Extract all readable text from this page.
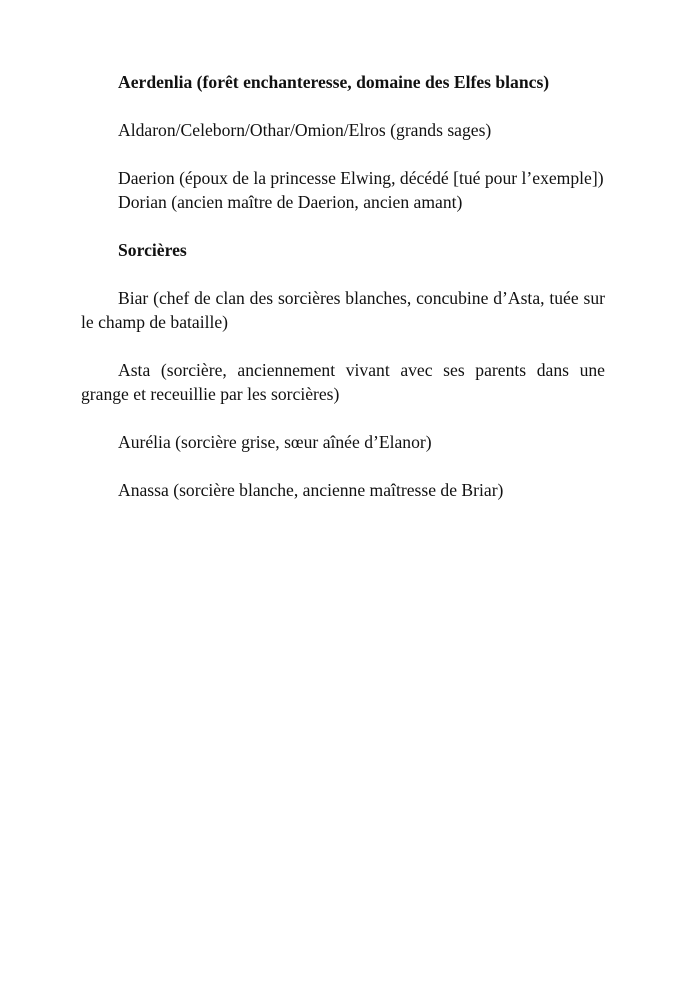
Aerdenlia (forêt enchanteresse, domaine des Elfes blancs)

Aldaron/Celeborn/Othar/Omion/Elros (grands sages)

Daerion (époux de la princesse Elwing, décédé [tué pour l’exemple])

Dorian (ancien maître de Daerion, ancien amant)

Sorcières

Biar (chef de clan des sorcières blanches, concubine d’Asta, tuée sur le champ de bataille)

Asta (sorcière, anciennement vivant avec ses parents dans une grange et receuillie par les sorcières)

Aurélia (sorcière grise, sœur aînée d’Elanor)

Anassa (sorcière blanche, ancienne maîtresse de Briar)
